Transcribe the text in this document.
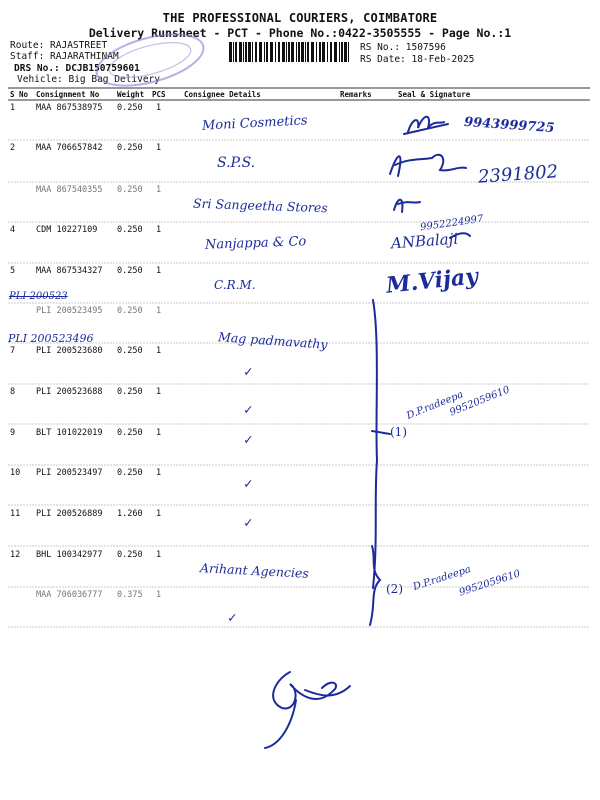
THE PROFESSIONAL COURIERS, COIMBATORE
Delivery Runsheet - PCT - Phone No.:0422-3505555 - Page No.:1
Route: RAJASTREET
Staff: RAJARATHINAM
DRS No.: DCJB150759601
Vehicle: Big Bag Delivery
RS No.: 1507596
RS Date: 18-Feb-2025
S No Consignment No Weight PCS Consignee Details	Remarks	Seal & Signature
1 MAA 867538975 0.250 1
2 MAA 706657842 0.250 1
MAA 867540355 0.250 1
4 CDM 10227109 0.250 1
5 MAA 867534327 0.250 1
PLI 200523495 0.250 1
7 PLI 200523680 0.250 1
8 PLI 200523688 0.250 1
9 BLT 101022019 0.250 1
10 PLI 200523497 0.250 1
11 PLI 200526889 1.260 1
12 BHL 100342977 0.250 1
MAA 706036777 0.375 1
Moni Cosmetics
S.P.S.
Sri Sangeetha Stores
Nanjappa & Co
C.R.M.
Mag padmavathy
✓
✓
✓
✓
✓
Arihant Agencies
✓
PLI 200523
PLI 200523496
9943999725
2391802
9952224997
ANBalaji
M.Vijay
(1)
D.P.radeepa
9952059610
(2) D.P.radeepa
9952059610
